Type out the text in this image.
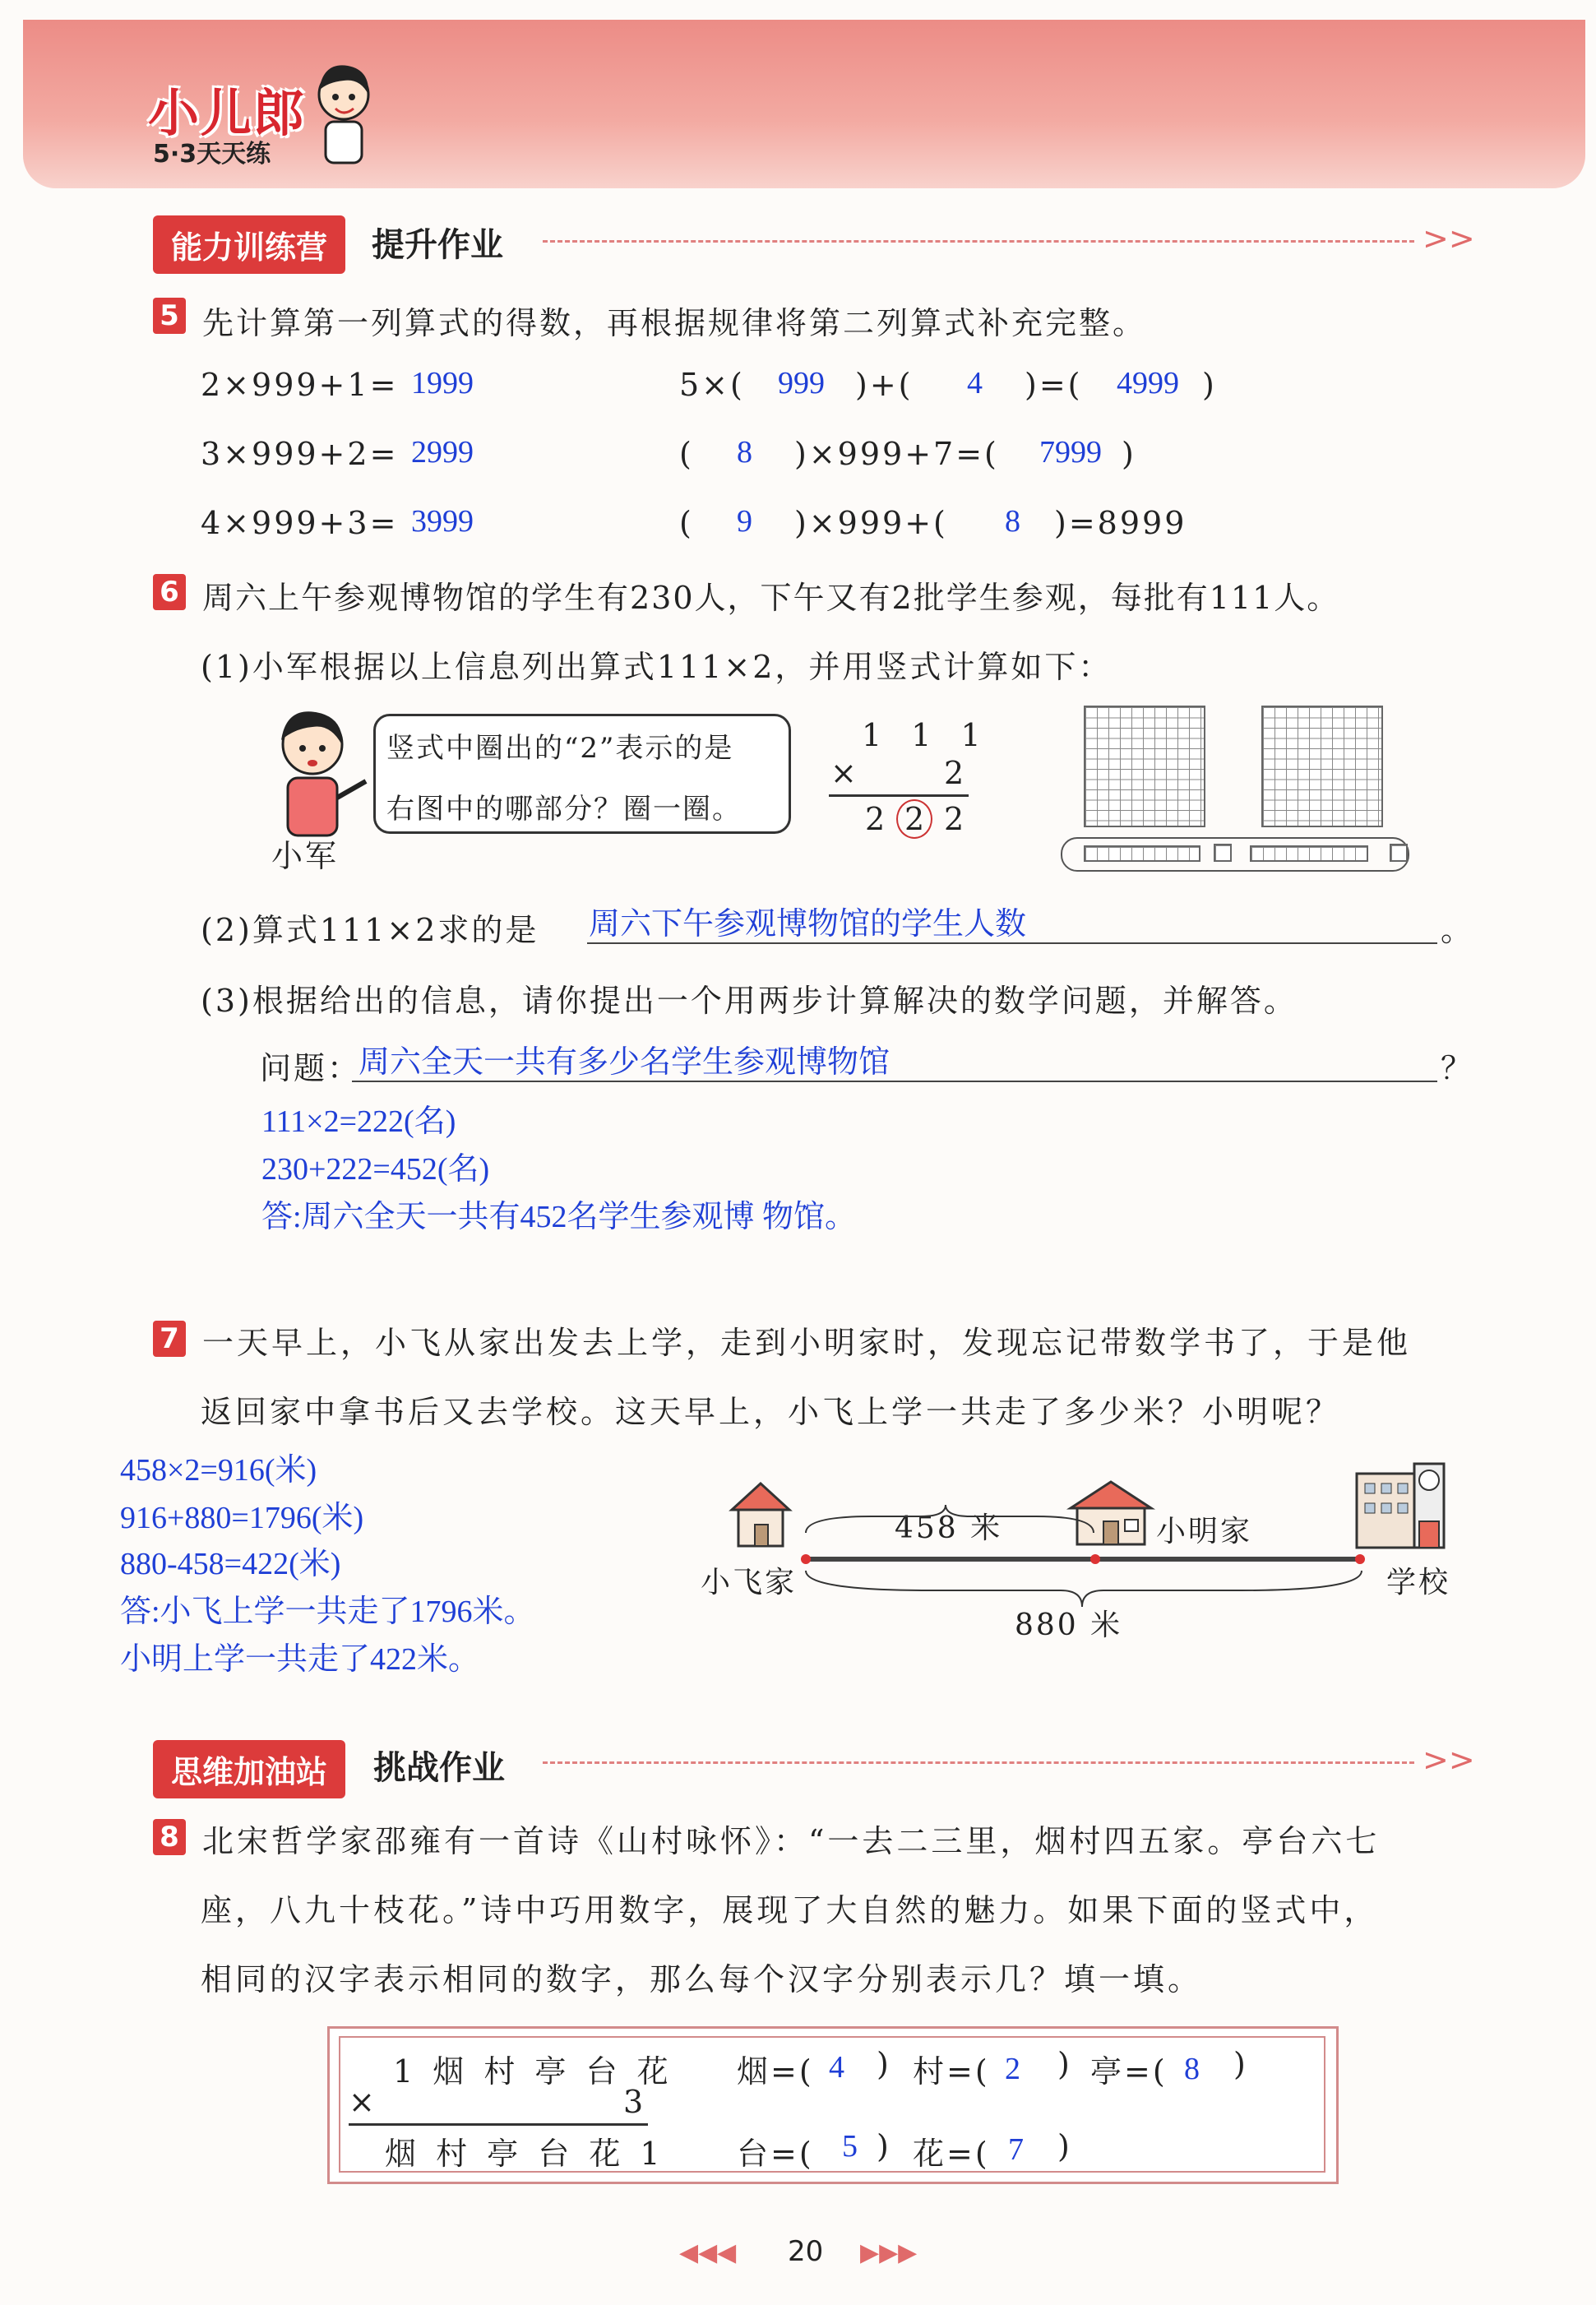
小儿郎
5·3天天练
能力训练营	提升作业	>>
5 先计算第一列算式的得数，再根据规律将第二列算式补充完整。
2×999+1= 1999
3×999+2= 2999
4×999+3= 3999
5×( 999 )+( 4 )=( 4999 )
( 8 )×999+7=( 7999 )
( 9 )×999+( 8 )=8999
6 周六上午参观博物馆的学生有230人，下午又有2批学生参观，每批有111人。
(1)小军根据以上信息列出算式111×2，并用竖式计算如下：
小军
竖式中圈出的“2”表示的是
右图中的哪部分？圈一圈。
1 1 1
×	2
2 2 2
(2)算式111×2求的是 周六下午参观博物馆的学生人数	。
(3)根据给出的信息，请你提出一个用两步计算解决的数学问题，并解答。
问题：
周六全天一共有多少名学生参观博物馆	？
111×2=222(名)
230+222=452(名)
答:周六全天一共有452名学生参观博 物馆。
7 一天早上，小飞从家出发去上学，走到小明家时，发现忘记带数学书了，于是他
返回家中拿书后又去学校。这天早上，小飞上学一共走了多少米？小明呢？
458×2=916(米)
916+880=1796(米)
880-458=422(米)
答:小飞上学一共走了1796米。
小明上学一共走了422米。
458 米	小明家
小飞家	学校
880 米
思维加油站	挑战作业	>>
8 北宋哲学家邵雍有一首诗《山村咏怀》：“一去二三里，烟村四五家。亭台六七
座，八九十枝花。”诗中巧用数字，展现了大自然的魅力。如果下面的竖式中，
相同的汉字表示相同的数字，那么每个汉字分别表示几？填一填。
1 烟 村 亭 台 花
×	3
烟 村 亭 台 花 1
烟=( 4 ) 村=( 2 ) 亭=( 8 )
台=( 5 ) 花=( 7 )
◀◀◀ 20 ▶▶▶
